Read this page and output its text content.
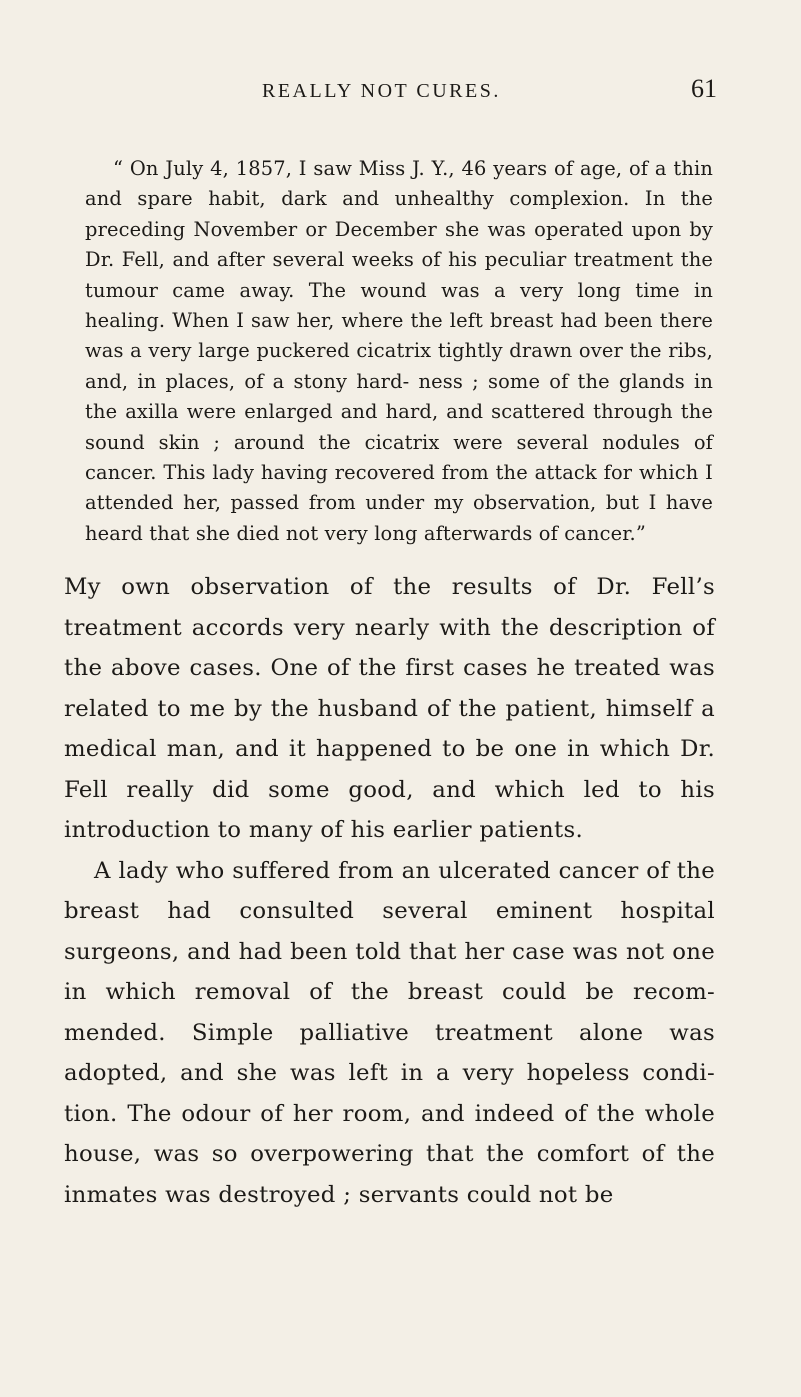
REALLY NOT CURES.	61

“ On July 4, 1857, I saw Miss J. Y., 46 years of age, of a thin and spare habit, dark and unhealthy complexion. In the preceding November or December she was operated upon by Dr. Fell, and after several weeks of his peculiar treatment the tumour came away. The wound was a very long time in healing. When I saw her, where the left breast had been there was a very large puckered cicatrix tightly drawn over the ribs, and, in places, of a stony hard- ness ; some of the glands in the axilla were enlarged and hard, and scattered through the sound skin ; around the cicatrix were several nodules of cancer. This lady having recovered from the attack for which I attended her, passed from under my observation, but I have heard that she died not very long afterwards of cancer.”

My own observation of the results of Dr. Fell’s treatment accords very nearly with the description of the above cases. One of the first cases he treated was related to me by the husband of the patient, himself a medical man, and it happened to be one in which Dr. Fell really did some good, and which led to his introduction to many of his earlier patients.

A lady who suffered from an ulcerated cancer of the breast had consulted several eminent hospital surgeons, and had been told that her case was not one in which removal of the breast could be recom- mended. Simple palliative treatment alone was adopted, and she was left in a very hopeless condi- tion. The odour of her room, and indeed of the whole house, was so overpowering that the comfort of the inmates was destroyed ; servants could not be
